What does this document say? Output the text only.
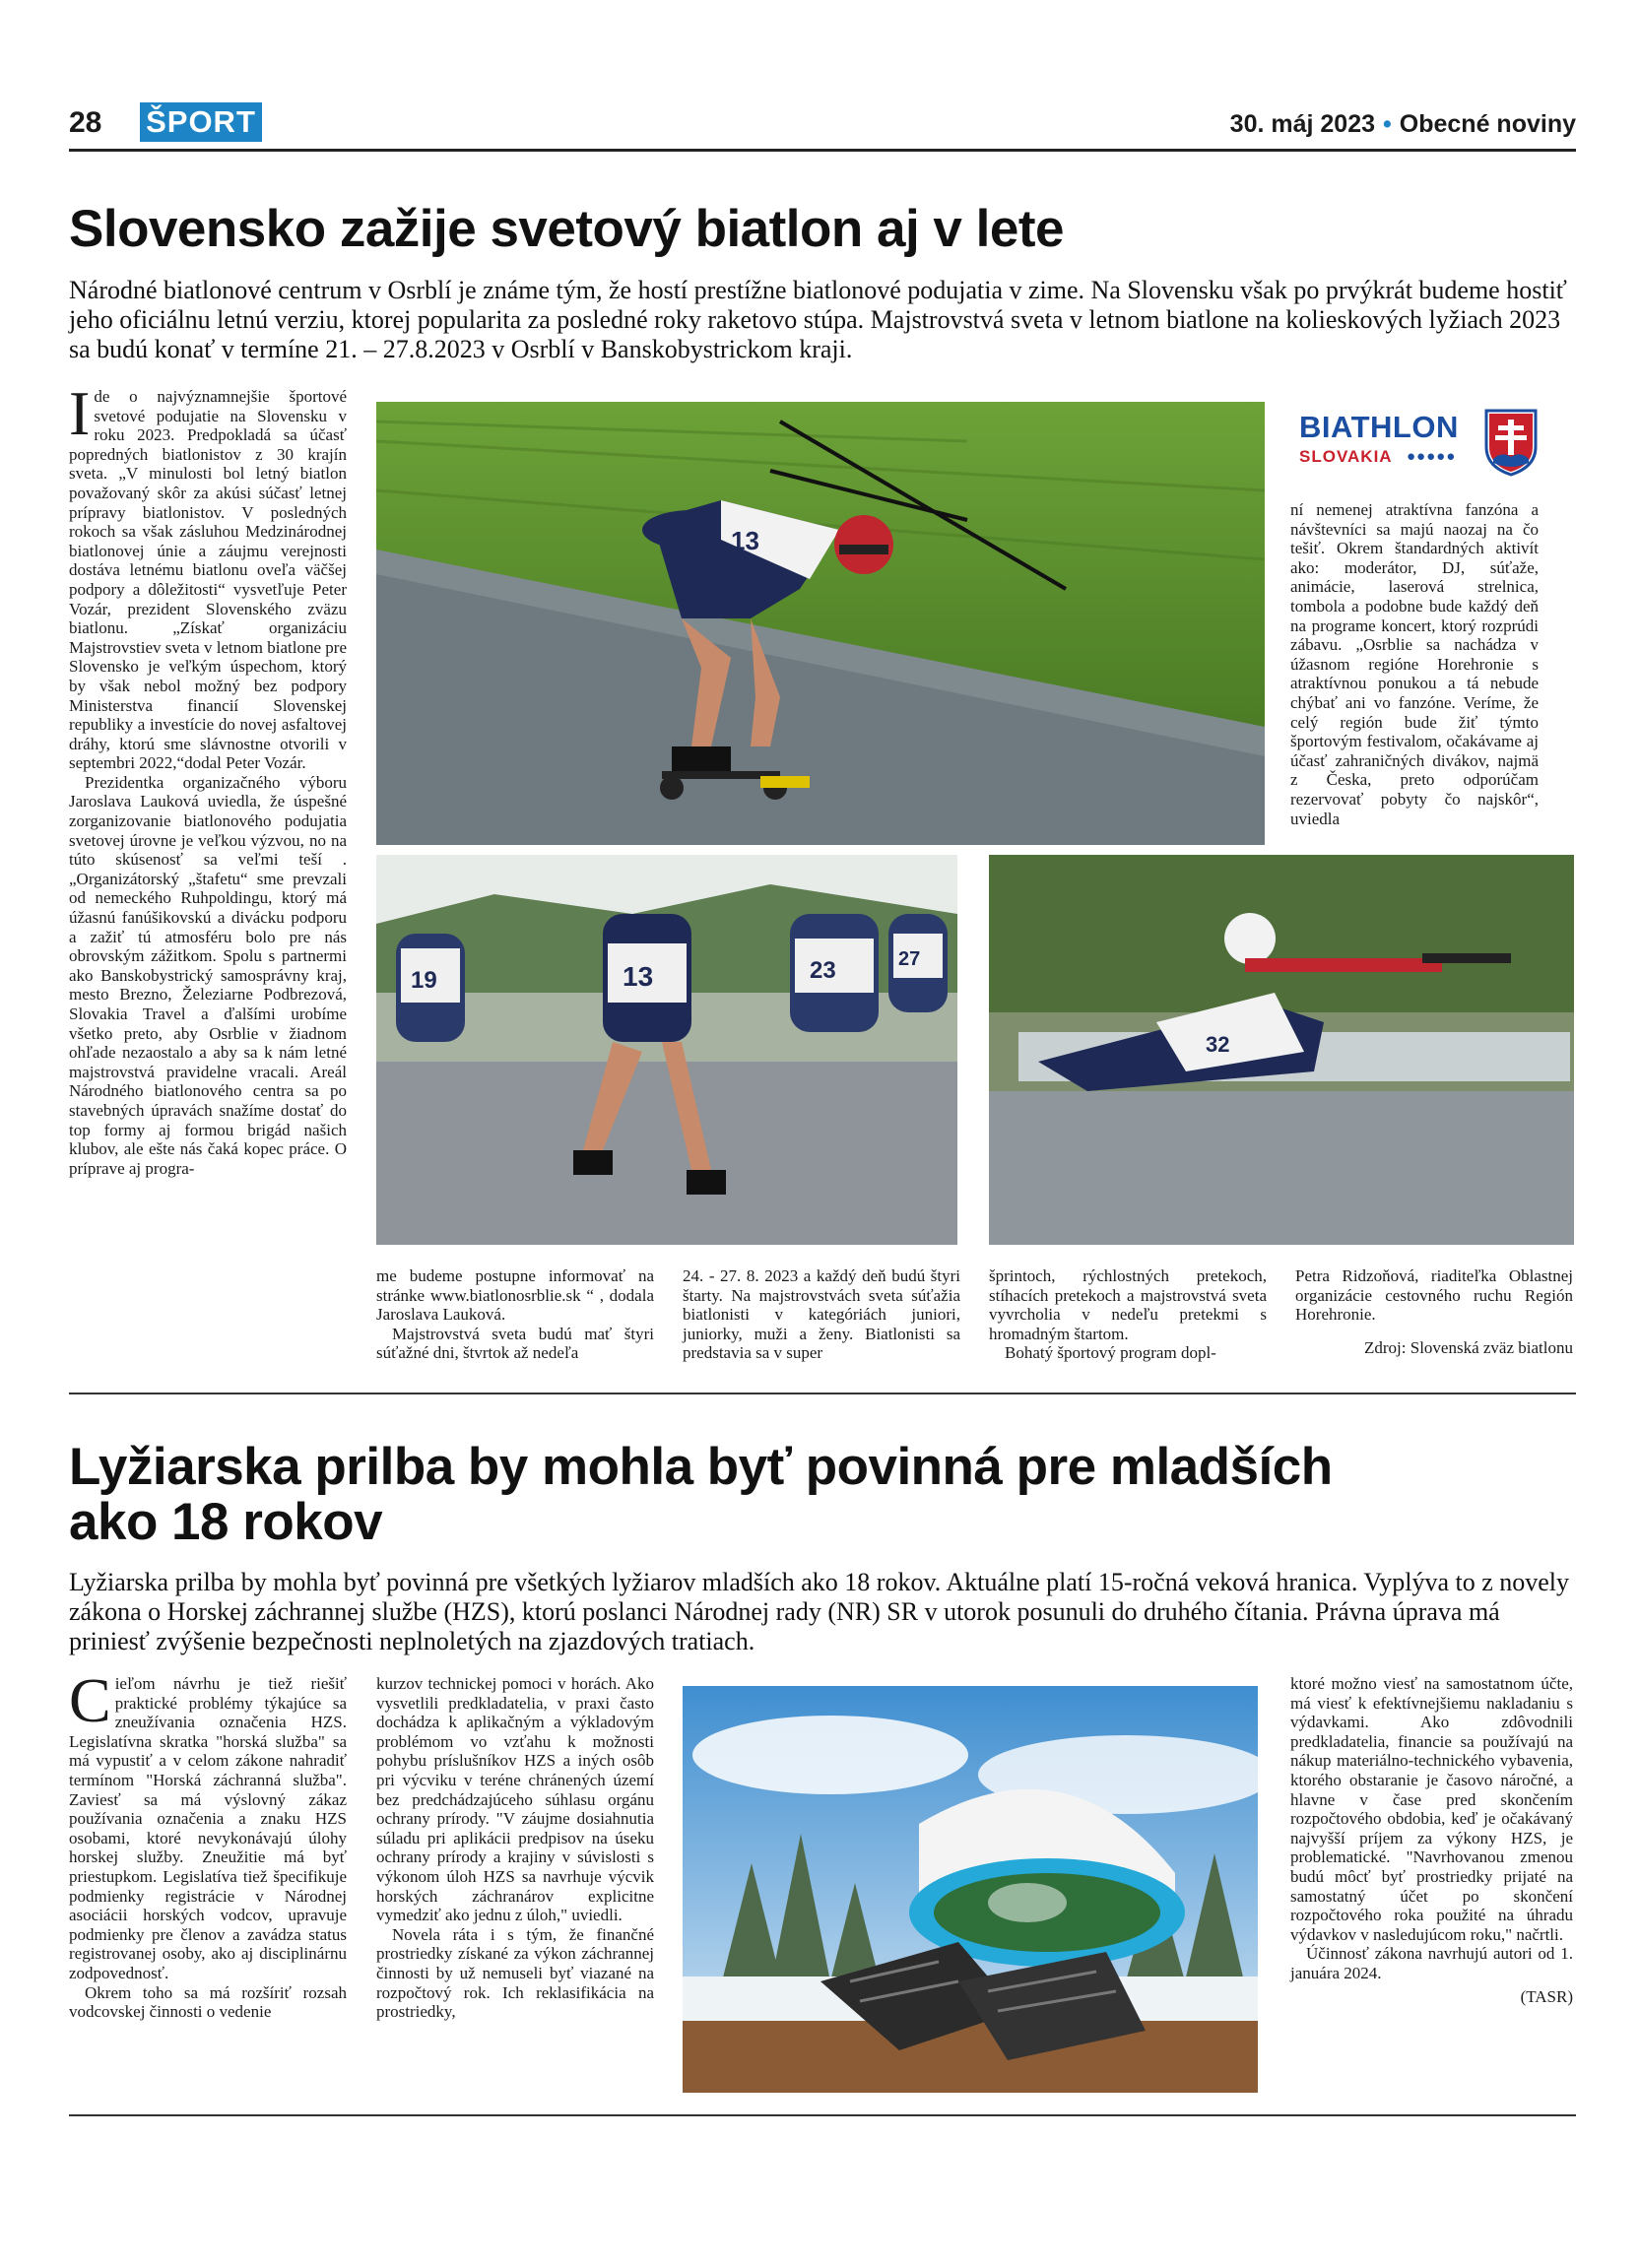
28 ŠPORT	30. máj 2023 • Obecné noviny
Slovensko zažije svetový biatlon aj v lete
Národné biatlonové centrum v Osrblí je známe tým, že hostí prestížne biatlonové podujatia v zime. Na Slovensku však po prvýkrát budeme hostiť jeho oficiálnu letnú verziu, ktorej popularita za posledné roky raketovo stúpa. Majstrovstvá sveta v letnom biatlone na kolieskových lyžiach 2023 sa budú konať v termíne 21. – 27.8.2023 v Osrblí v Banskobystrickom kraji.

Ide o najvýznamnejšie športové svetové podujatie na Slovensku v roku 2023. Predpokladá sa účasť popredných biatlonistov z 30 krajín sveta. „V minulosti bol letný biatlon považovaný skôr za akúsi súčasť letnej prípravy biatlonistov. V posledných rokoch sa však zásluhou Medzinárodnej biatlonovej únie a záujmu verejnosti dostáva letnému biatlonu oveľa väčšej podpory a dôležitosti“ vysvetľuje Peter Vozár, prezident Slovenského zväzu biatlonu. „Získať organizáciu Majstrovstiev sveta v letnom biatlone pre Slovensko je veľkým úspechom, ktorý by však nebol možný bez podpory Ministerstva financií Slovenskej republiky a investície do novej asfaltovej dráhy, ktorú sme slávnostne otvorili v septembri 2022,“dodal Peter Vozár.

Prezidentka organizačného výboru Jaroslava Lauková uviedla, že úspešné zorganizovanie biatlonového podujatia svetovej úrovne je veľkou výzvou, no na túto skúsenosť sa veľmi teší . „Organizátorský „štafetu“ sme prevzali od nemeckého Ruhpoldingu, ktorý má úžasnú fanúšikovskú a divácku podporu a zažiť tú atmosféru bolo pre nás obrovským zážitkom. Spolu s partnermi ako Banskobystrický samosprávny kraj, mesto Brezno, Železiarne Podbrezová, Slovakia Travel a ďalšími urobíme všetko preto, aby Osrblie v žiadnom ohľade nezaostalo a aby sa k nám letné majstrovstvá pravidelne vracali. Areál Národného biatlonového centra sa po stavebných úpravách snažíme dostať do top formy aj formou brigád našich klubov, ale ešte nás čaká kopec práce. O príprave aj progra-

13
BIATHLON
SLOVAKIA ●●●●●

ní nemenej atraktívna fanzóna a návštevníci sa majú naozaj na čo tešiť. Okrem štandardných aktivít ako: moderátor, DJ, súťaže, animácie, laserová strelnica, tombola a podobne bude každý deň na programe koncert, ktorý rozprúdi zábavu. „Osrblie sa nachádza v úžasnom regióne Horehronie s atraktívnou ponukou a tá nebude chýbať ani vo fanzóne. Veríme, že celý región bude žiť týmto športovým festivalom, očakávame aj účasť zahraničných divákov, najmä z Česka, preto odporúčam rezervovať pobyty čo najskôr“, uviedla

19	13	23	27
32

me budeme postupne informovať na stránke www.biatlonosrblie.sk “ , dodala Jaroslava Lauková.

Majstrovstvá sveta budú mať štyri súťažné dni, štvrtok až nedeľa

24. - 27. 8. 2023 a každý deň budú štyri štarty. Na majstrovstvách sveta súťažia biatlonisti v kategóriách juniori, juniorky, muži a ženy. Biatlonisti sa predstavia sa v super

šprintoch, rýchlostných pretekoch, stíhacích pretekoch a majstrovstvá sveta vyvrcholia v nedeľu pretekmi s hromadným štartom.

Bohatý športový program dopl-

Petra Ridzoňová, riaditeľka Oblastnej organizácie cestovného ruchu Región Horehronie.

Zdroj: Slovenská zväz biatlonu

Lyžiarska prilba by mohla byť povinná pre mladších
ako 18 rokov
Lyžiarska prilba by mohla byť povinná pre všetkých lyžiarov mladších ako 18 rokov. Aktuálne platí 15-ročná veková hranica. Vyplýva to z novely zákona o Horskej záchrannej službe (HZS), ktorú poslanci Národnej rady (NR) SR v utorok posunuli do druhého čítania. Právna úprava má priniesť zvýšenie bezpečnosti neplnoletých na zjazdových tratiach.

Cieľom návrhu je tiež riešiť praktické problémy týkajúce sa zneužívania označenia HZS. Legislatívna skratka "horská služba" sa má vypustiť a v celom zákone nahradiť termínom "Horská záchranná služba". Zaviesť sa má výslovný zákaz používania označenia a znaku HZS osobami, ktoré nevykonávajú úlohy horskej služby. Zneužitie má byť priestupkom. Legislatíva tiež špecifikuje podmienky registrácie v Národnej asociácii horských vodcov, upravuje podmienky pre členov a zavádza status registrovanej osoby, ako aj disciplinárnu zodpovednosť.

Okrem toho sa má rozšíriť rozsah vodcovskej činnosti o vedenie

kurzov technickej pomoci v horách. Ako vysvetlili predkladatelia, v praxi často dochádza k aplikačným a výkladovým problémom vo vzťahu k možnosti pohybu príslušníkov HZS a iných osôb pri výcviku v teréne chránených území bez predchádzajúceho súhlasu orgánu ochrany prírody. "V záujme dosiahnutia súladu pri aplikácii predpisov na úseku ochrany prírody a krajiny v súvislosti s výkonom úloh HZS sa navrhuje výcvik horských záchranárov explicitne vymedziť ako jednu z úloh," uviedli.

Novela ráta i s tým, že finančné prostriedky získané za výkon záchrannej činnosti by už nemuseli byť viazané na rozpočtový rok. Ich reklasifikácia na prostriedky,

ktoré možno viesť na samostatnom účte, má viesť k efektívnejšiemu nakladaniu s výdavkami. Ako zdôvodnili predkladatelia, financie sa používajú na nákup materiálno-technického vybavenia, ktorého obstaranie je časovo náročné, a hlavne v čase pred skončením rozpočtového obdobia, keď je očakávaný najvyšší príjem za výkony HZS, je problematické. "Navrhovanou zmenou budú môcť byť prostriedky prijaté na samostatný účet po skončení rozpočtového roka použité na úhradu výdavkov v nasledujúcom roku," načrtli.

Účinnosť zákona navrhujú autori od 1. januára 2024.

(TASR)
